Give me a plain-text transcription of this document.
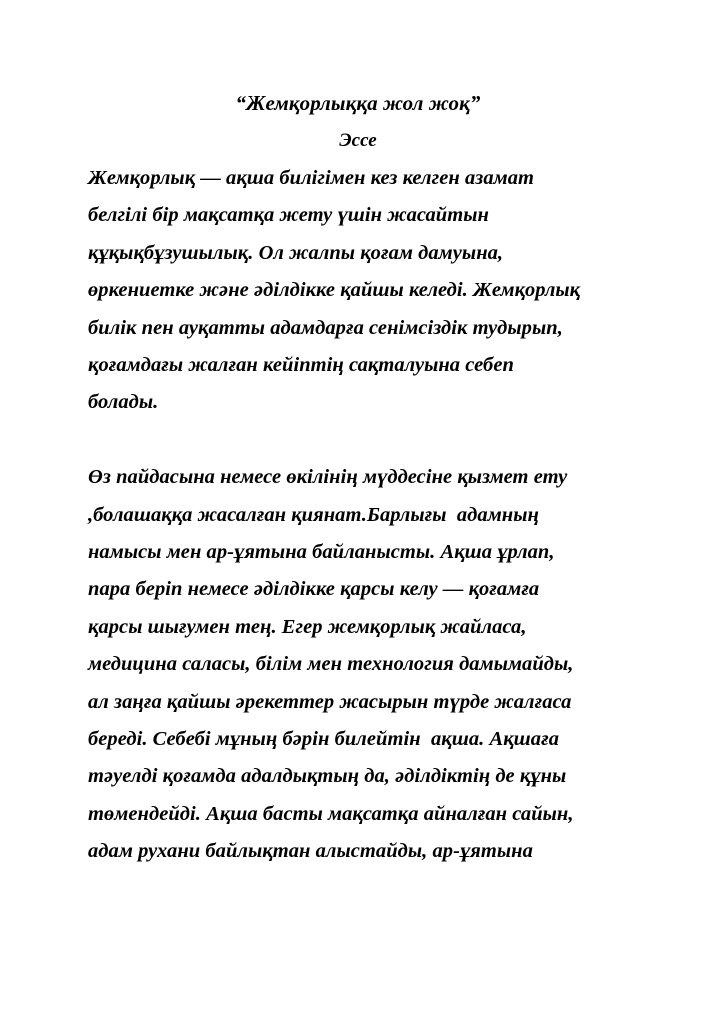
“Жемқорлыққа жол жоқ”
Эссе
Жемқорлық — ақша билігімен кез келген азамат
белгілі бір мақсатқа жету үшін жасайтын
құқықбұзушылық. Ол жалпы қоғам дамуына,
өркениетке және әділдікке қайшы келеді. Жемқорлық
билік пен ауқатты адамдарға сенімсіздік тудырып,
қоғамдағы жалған кейіптің сақталуына себеп
болады.
Өз пайдасына немесе өкілінің мүддесіне қызмет ету
,болашаққа жасалған қиянат.Барлығы  адамның
намысы мен ар-ұятына байланысты. Ақша ұрлап,
пара беріп немесе әділдікке қарсы келу — қоғамға
қарсы шығумен тең. Егер жемқорлық жайласа,
медицина саласы, білім мен технология дамымайды,
ал заңға қайшы әрекеттер жасырын түрде жалғаса
береді. Себебі мұның бәрін билейтін  ақша. Ақшаға
тәуелді қоғамда адалдықтың да, әділдіктің де құны
төмендейді. Ақша басты мақсатқа айналған сайын,
адам рухани байлықтан алыстайды, ар-ұятына
